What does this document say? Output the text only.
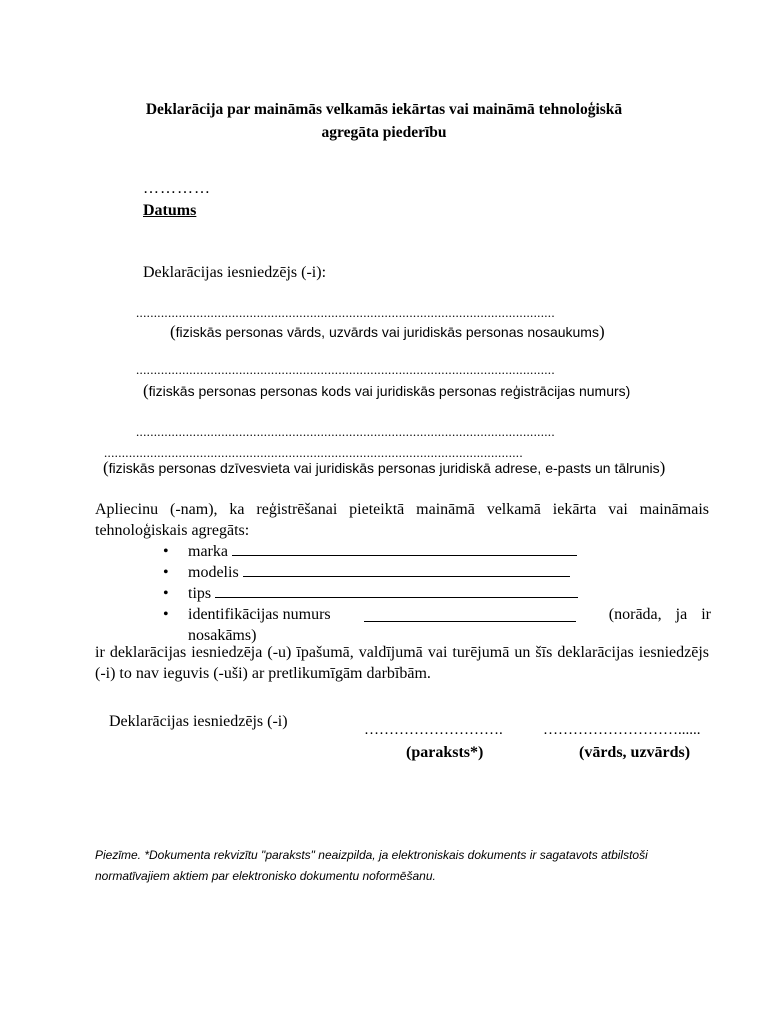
Deklarācija par maināmās velkamās iekārtas vai maināmā tehnoloģiskā
agregāta piederību
…………
Datums
Deklarācijas iesniedzējs (-i):
......................................................................................................................
(fiziskās personas vārds, uzvārds vai juridiskās personas nosaukums)
......................................................................................................................
(fiziskās personas personas kods vai juridiskās personas reģistrācijas numurs)
......................................................................................................................
......................................................................................................................
(fiziskās personas dzīvesvieta vai juridiskās personas juridiskā adrese, e-pasts un tālrunis)
Apliecinu (-nam), ka reģistrēšanai pieteiktā maināmā velkamā iekārta vai maināmais tehnoloģiskais agregāts:
• marka
• modelis
• tips
• identifikācijas numurs	(norāda, ja ir
nosakāms)
ir deklarācijas iesniedzēja (-u) īpašumā, valdījumā vai turējumā un šīs deklarācijas iesniedzējs (-i) to nav ieguvis (-uši) ar pretlikumīgām darbībām.
Deklarācijas iesniedzējs (-i)	……………………….	………………………......
(paraksts*)	(vārds, uzvārds)
Piezīme. *Dokumenta rekvizītu "paraksts" neaizpilda, ja elektroniskais dokuments ir sagatavots atbilstoši normatīvajiem aktiem par elektronisko dokumentu noformēšanu.
